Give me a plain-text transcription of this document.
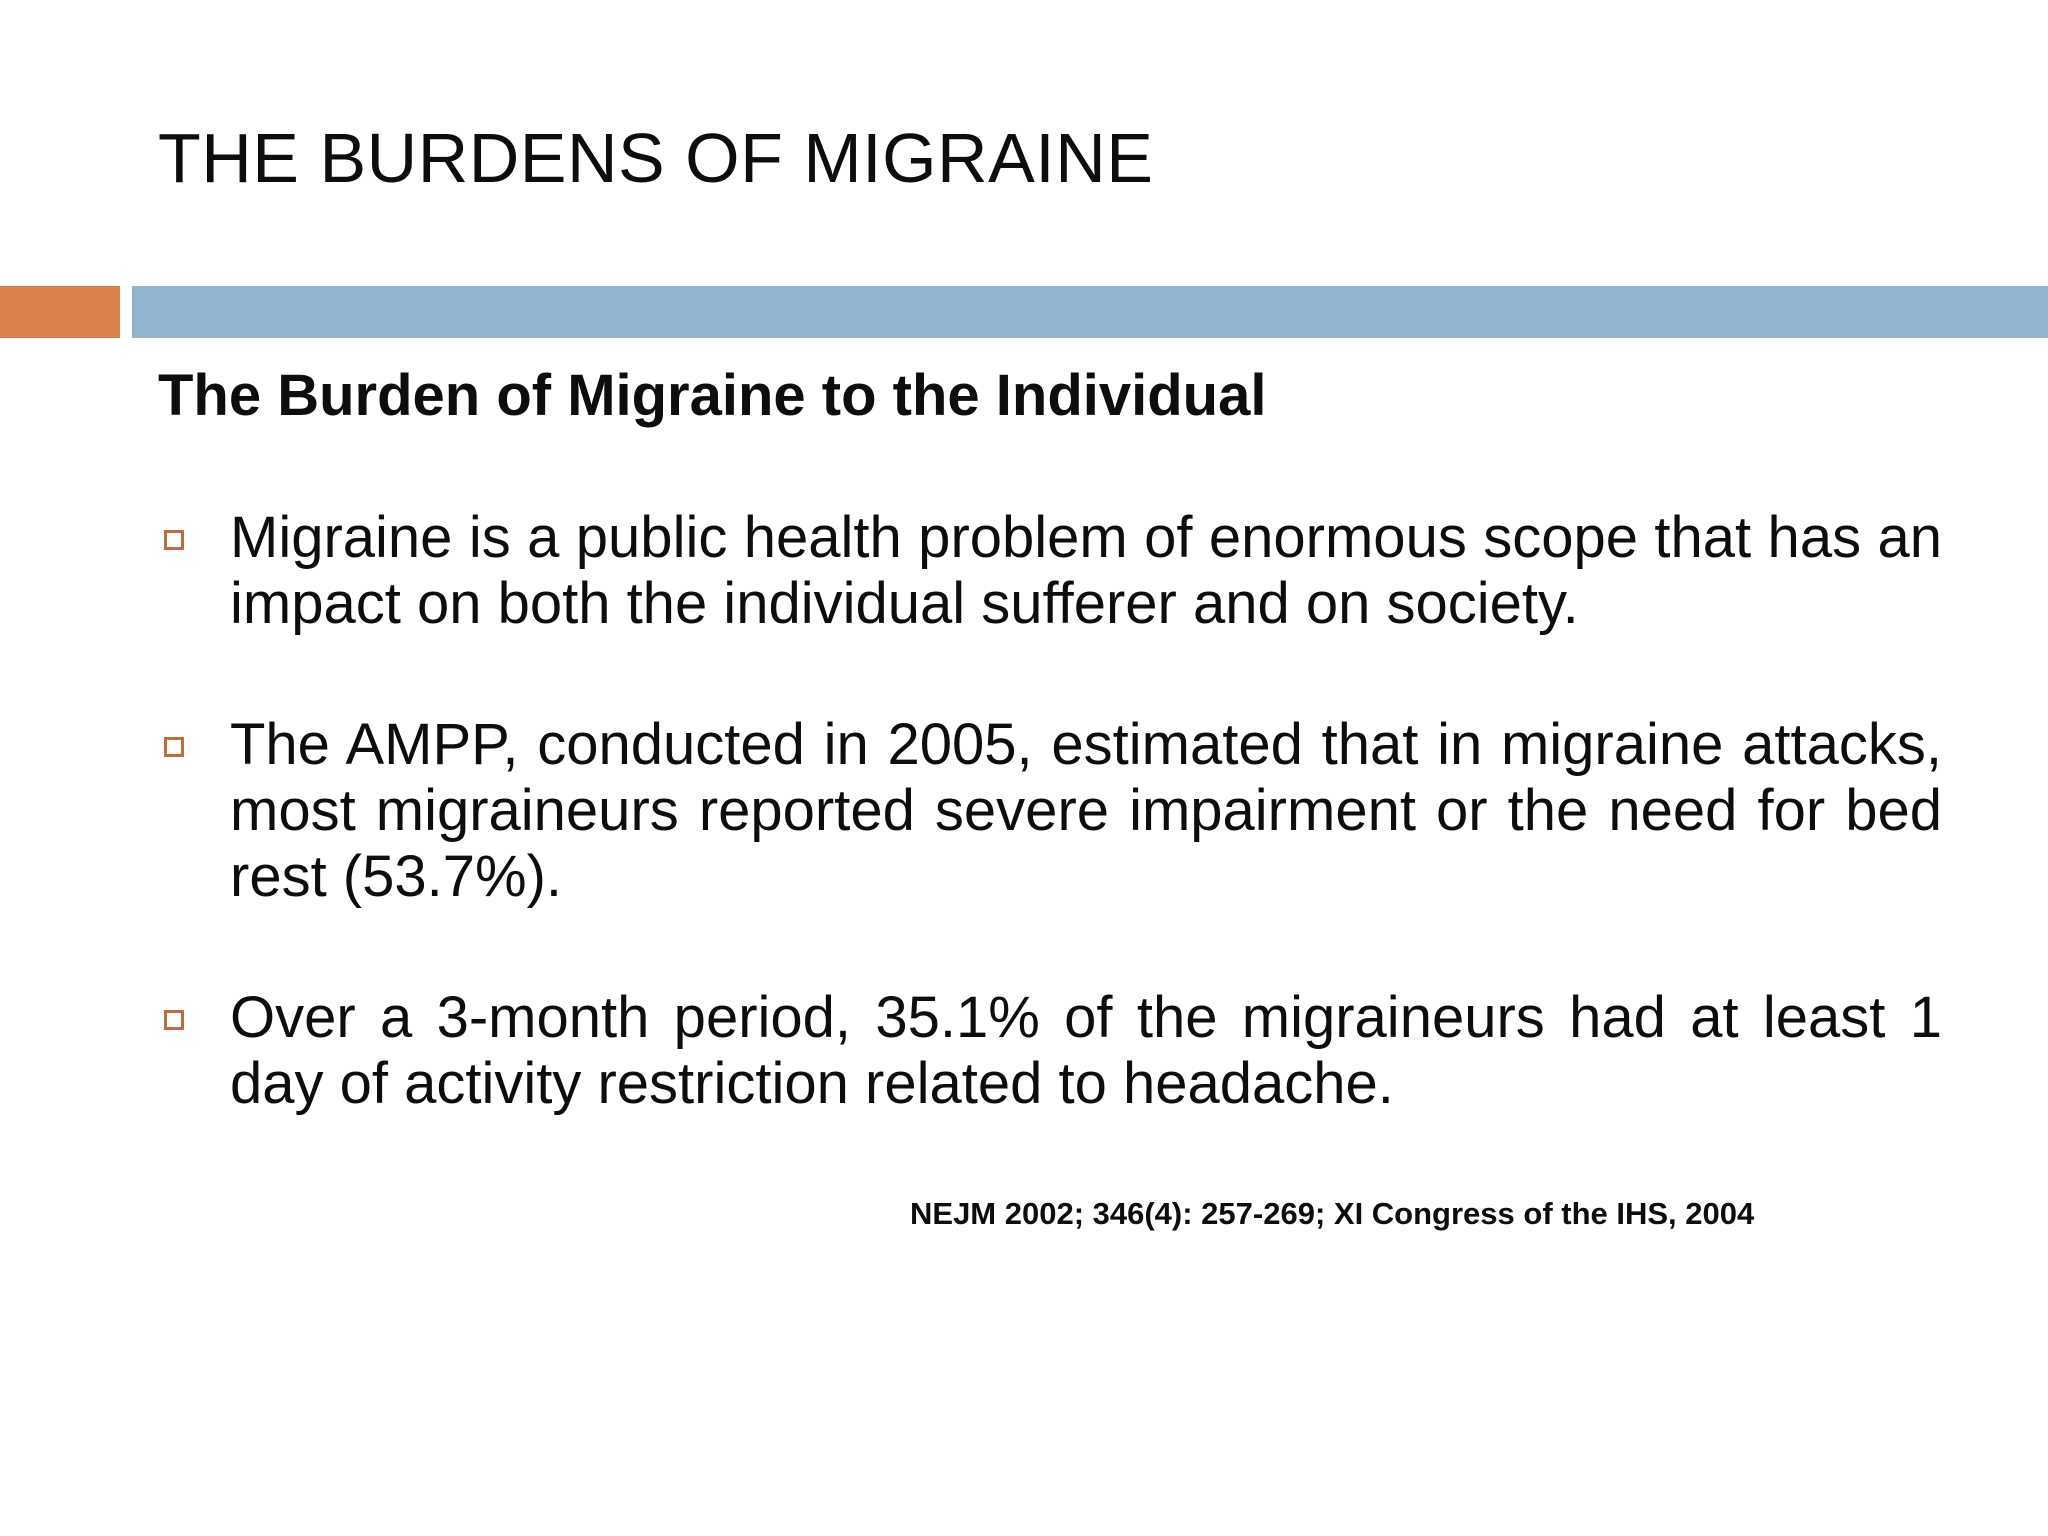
THE BURDENS OF MIGRAINE
The Burden of Migraine to the Individual
Migraine is a public health problem of enormous scope that has an impact on both the individual sufferer and on society.
The AMPP, conducted in 2005, estimated that in migraine attacks, most migraineurs reported severe impairment or the need for bed rest (53.7%).
Over a 3-month period, 35.1% of the migraineurs had at least 1 day of activity restriction related to headache.
NEJM 2002; 346(4): 257-269; XI Congress of the IHS, 2004
